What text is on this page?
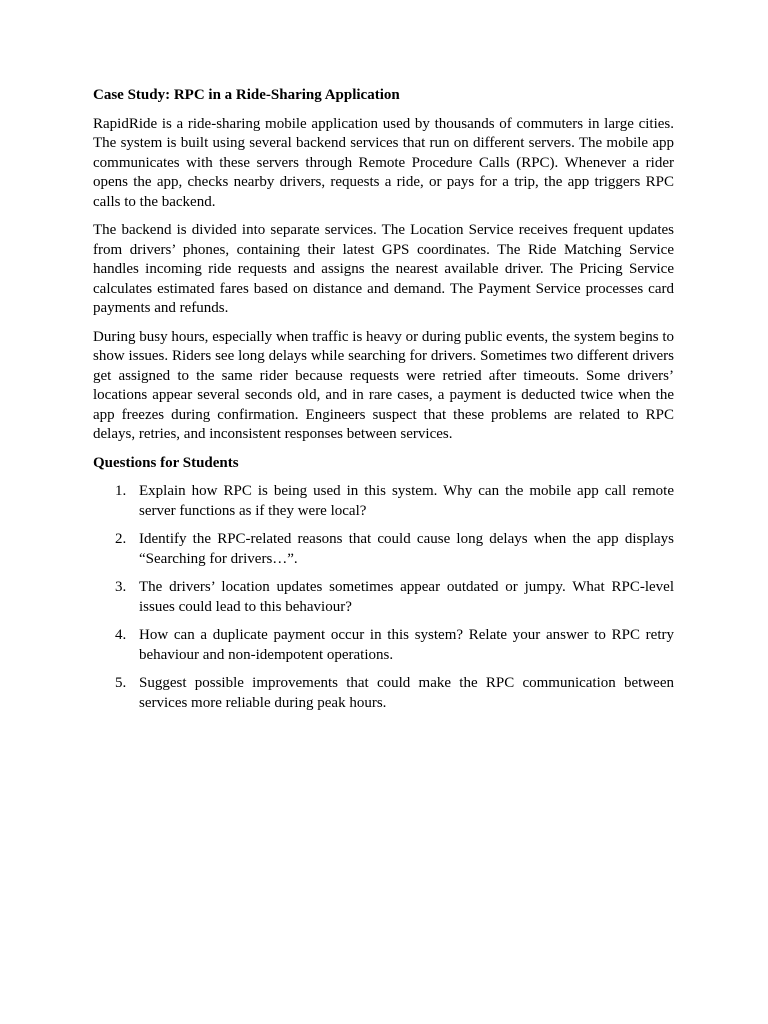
Case Study: RPC in a Ride-Sharing Application

RapidRide is a ride-sharing mobile application used by thousands of commuters in large cities. The system is built using several backend services that run on different servers. The mobile app communicates with these servers through Remote Procedure Calls (RPC). Whenever a rider opens the app, checks nearby drivers, requests a ride, or pays for a trip, the app triggers RPC calls to the backend.

The backend is divided into separate services. The Location Service receives frequent updates from drivers’ phones, containing their latest GPS coordinates. The Ride Matching Service handles incoming ride requests and assigns the nearest available driver. The Pricing Service calculates estimated fares based on distance and demand. The Payment Service processes card payments and refunds.

During busy hours, especially when traffic is heavy or during public events, the system begins to show issues. Riders see long delays while searching for drivers. Sometimes two different drivers get assigned to the same rider because requests were retried after timeouts. Some drivers’ locations appear several seconds old, and in rare cases, a payment is deducted twice when the app freezes during confirmation. Engineers suspect that these problems are related to RPC delays, retries, and inconsistent responses between services.

Questions for Students
1. Explain how RPC is being used in this system. Why can the mobile app call remote server functions as if they were local?
2. Identify the RPC-related reasons that could cause long delays when the app displays “Searching for drivers…”.
3. The drivers’ location updates sometimes appear outdated or jumpy. What RPC-level issues could lead to this behaviour?
4. How can a duplicate payment occur in this system? Relate your answer to RPC retry behaviour and non-idempotent operations.
5. Suggest possible improvements that could make the RPC communication between services more reliable during peak hours.
